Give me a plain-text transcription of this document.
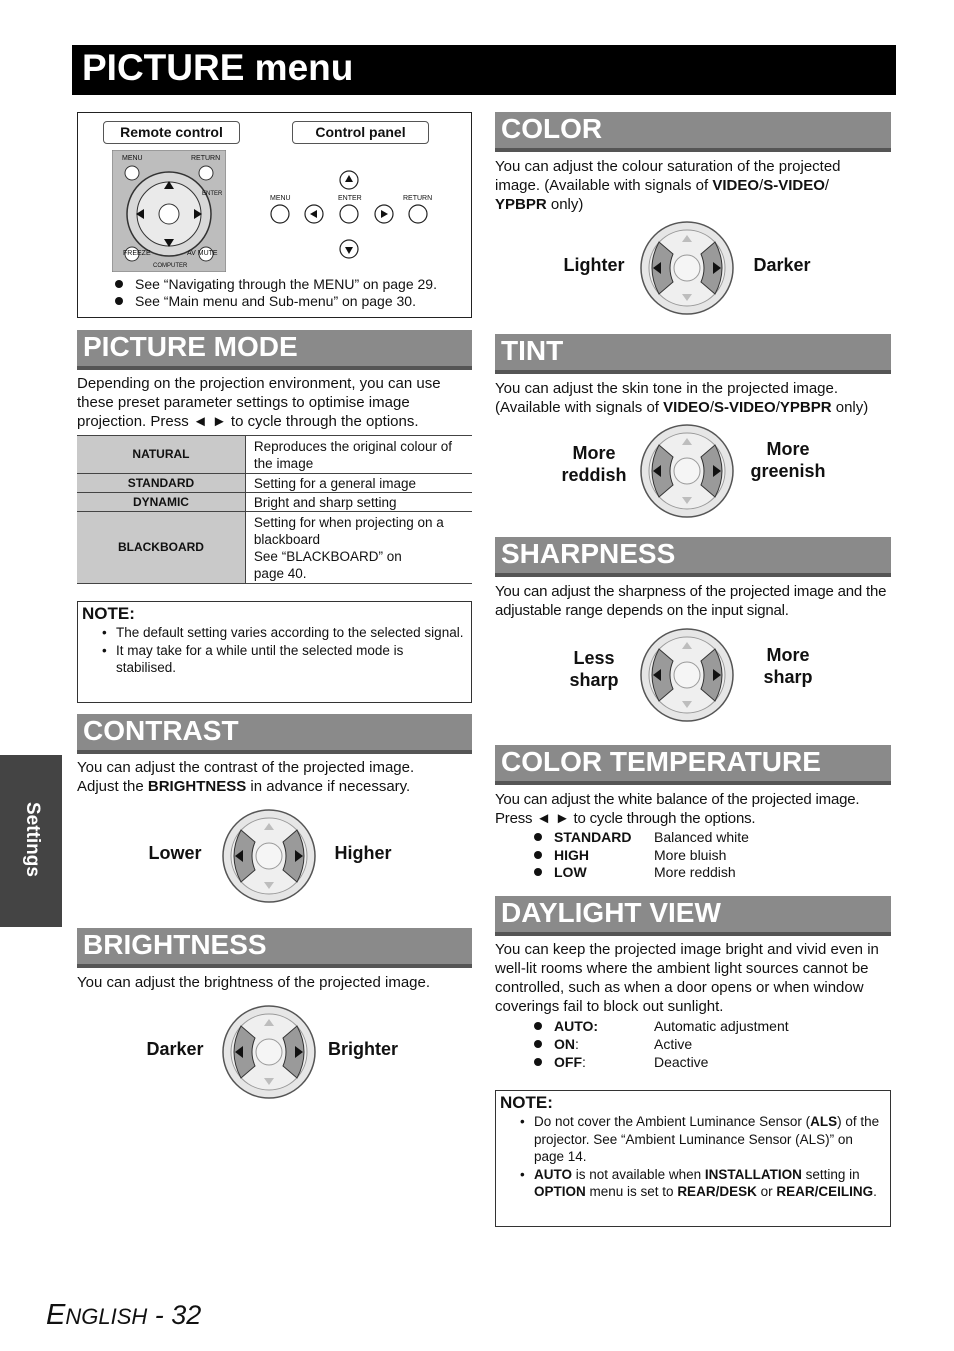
PICTURE menu
Settings
Remote control	Control panel
MENU	RETURN
ENTER
FREEZE	AV MUTE
COMPUTER
MENU	ENTER	RETURN
See “Navigating through the MENU” on page 29.
See “Main menu and Sub-menu” on page 30.
PICTURE MODE
Depending on the projection environment, you can use these preset parameter settings to optimise image projection. Press ◄ ► to cycle through the options.
NATURAL	Reproduces the original colour of
the image

STANDARD	Setting for a general image
DYNAMIC	Bright and sharp setting
BLACKBOARD	Setting for when projecting on a
blackboard
See “BLACKBOARD” on
page 40.
NOTE:
• The default setting varies according to the selected signal.
• It may take for a while until the selected mode is stabilised.
CONTRAST
You can adjust the contrast of the projected image.
Adjust the BRIGHTNESS in advance if necessary.
Lower	Higher
BRIGHTNESS
You can adjust the brightness of the projected image.
Darker	Brighter
COLOR
You can adjust the colour saturation of the projected
image. (Available with signals of VIDEO/S-VIDEO/
YPBPR only)
Lighter	Darker
TINT
You can adjust the skin tone in the projected image.
(Available with signals of VIDEO/S-VIDEO/YPBPR only)
More
reddish
More
greenish
SHARPNESS
You can adjust the sharpness of the projected image and the adjustable range depends on the input signal.
Less
sharp
More
sharp
COLOR TEMPERATURE
You can adjust the white balance of the projected image. Press ◄ ► to cycle through the options.
STANDARD Balanced white
HIGH	More bluish
LOW	More reddish
DAYLIGHT VIEW
You can keep the projected image bright and vivid even in well-lit rooms where the ambient light sources cannot be controlled, such as when a door opens or when window coverings fail to block out sunlight.
AUTO:	Automatic adjustment
ON:	Active
OFF:	Deactive
NOTE:
• Do not cover the Ambient Luminance Sensor (ALS) of the projector. See “Ambient Luminance Sensor (ALS)” on page 14.
• AUTO is not available when INSTALLATION setting in OPTION menu is set to REAR/DESK or REAR/CEILING.
ENGLISH - 32
